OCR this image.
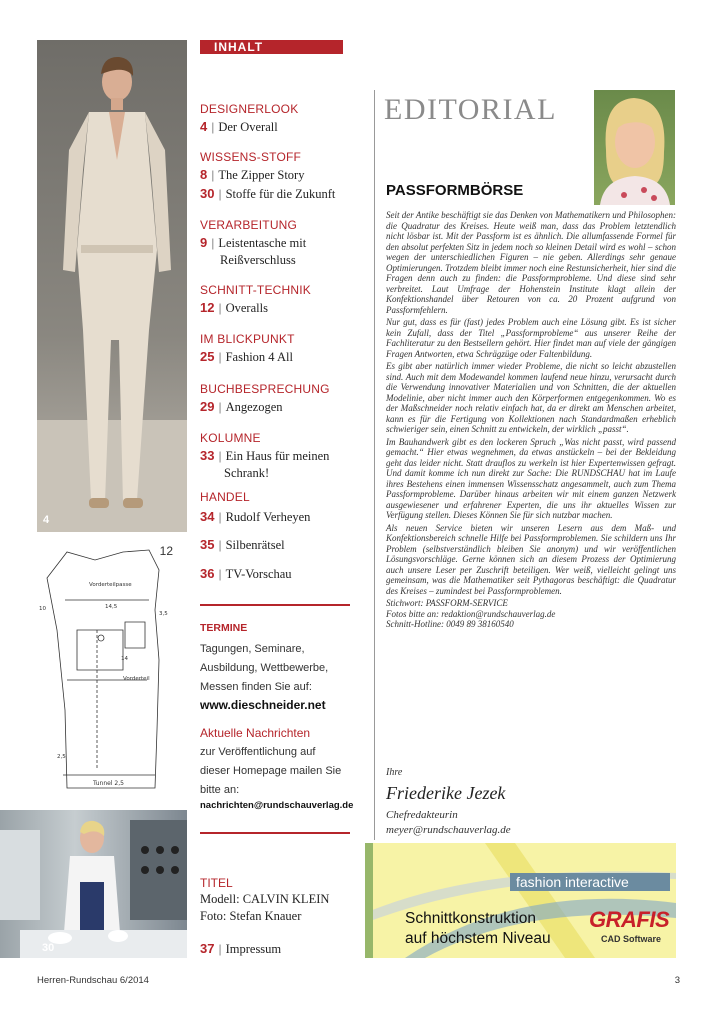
4
Vorderteilpasse
Vorderteil
Tunnel 2,5
14,5
3,5
10
14
2,5
12
30
INHALT
DESIGNERLOOK
4 | Der Overall
WISSENS-STOFF
8 | The Zipper Story
30 | Stoffe für die Zukunft
VERARBEITUNG
9 | Leistentasche mit
Reißverschluss
SCHNITT-TECHNIK
12 | Overalls
IM BLICKPUNKT
25 | Fashion 4 All
BUCHBESPRECHUNG
29 | Angezogen
KOLUMNE
33 | Ein Haus für meinen
Schrank!
HANDEL
34 | Rudolf Verheyen
35 | Silbenrätsel
36 | TV-Vorschau
TERMINE
Tagungen, Seminare,
Ausbildung, Wettbewerbe,
Messen finden Sie auf:
www.dieschneider.net
Aktuelle Nachrichten
zur Veröffentlichung auf
dieser Homepage mailen Sie
bitte an:
nachrichten@rundschauverlag.de
TITEL
Modell: CALVIN KLEIN
Foto: Stefan Knauer
37 | Impressum
EDITORIAL
PASSFORMBÖRSE

Seit der Antike beschäftigt sie das Denken von Mathematikern und Philosophen: die Quadratur des Kreises. Heute weiß man, dass das Problem letztendlich nicht lösbar ist. Mit der Passform ist es ähnlich. Die allumfassende Formel für den absolut perfekten Sitz in jedem noch so kleinen Detail wird es wohl – schon wegen der unterschiedlichen Figuren – nie geben. Allerdings sehr genaue Optimierungen. Trotzdem bleibt immer noch eine Restunsicherheit, hier sind die Fragen denn auch zu finden: die Passformprobleme. Und diese sind sehr verbreitet. Laut Umfrage der Hohenstein Institute klagt allein der Konfektionshandel über Retouren von ca. 20 Prozent aufgrund von Passformfehlern.

Nur gut, dass es für (fast) jedes Problem auch eine Lösung gibt. Es ist sicher kein Zufall, dass der Titel „Passformprobleme“ aus unserer Reihe der Fachliteratur zu den Bestsellern gehört. Hier findet man auf viele der gängigen Fragen Antworten, etwa Schrägzüge oder Faltenbildung.

Es gibt aber natürlich immer wieder Probleme, die nicht so leicht abzustellen sind. Auch mit dem Modewandel kommen laufend neue hinzu, verursacht durch die Verwendung innovativer Materialien und von Schnitten, die der aktuellen Modelinie, aber nicht immer auch den Körperformen entgegenkommen. Wo es der Maßschneider noch relativ einfach hat, da er direkt am Menschen arbeitet, kann es für die Fertigung von Kollektionen nach Standardmaßen erheblich schwieriger sein, einen Schnitt zu entwickeln, der wirklich „passt“.

Im Bauhandwerk gibt es den lockeren Spruch „Was nicht passt, wird passend gemacht.“ Hier etwas wegnehmen, da etwas anstückeln – bei der Bekleidung geht das leider nicht. Statt drauflos zu werkeln ist hier Expertenwissen gefragt. Und damit komme ich nun direkt zur Sache: Die RUNDSCHAU hat im Laufe ihres Bestehens einen immensen Wissensschatz angesammelt, auch zum Thema Passformprobleme. Darüber hinaus arbeiten wir mit einem ganzen Netzwerk ausgewiesener und erfahrener Experten, die uns ihr aktuelles Wissen zur Verfügung stellen. Dieses Können Sie für sich nutzbar machen.

Als neuen Service bieten wir unseren Lesern aus dem Maß- und Konfektionsbereich schnelle Hilfe bei Passformproblemen. Sie schildern uns Ihr Problem (selbstverständlich bleiben Sie anonym) und wir veröffentlichen Lösungsvorschläge. Gerne können sich an diesem Prozess der Optimierung auch unsere Leser per Zuschrift beteiligen. Wer weiß, vielleicht gelingt uns gemeinsam, was die Mathematiker seit Pythagoras beschäftigt: die Quadratur des Kreises – zumindest bei Passformproblemen.

Stichwort: PASSFORM-SERVICE
Fotos bitte an: redaktion@rundschauverlag.de
Schnitt-Hotline: 0049 89 38160540
Ihre
Friederike Jezek
Chefredakteurin
meyer@rundschauverlag.de
fashion interactive
Schnittkonstruktion
auf höchstem Niveau
GRAFIS
CAD Software
Herren-Rundschau 6/2014	3
